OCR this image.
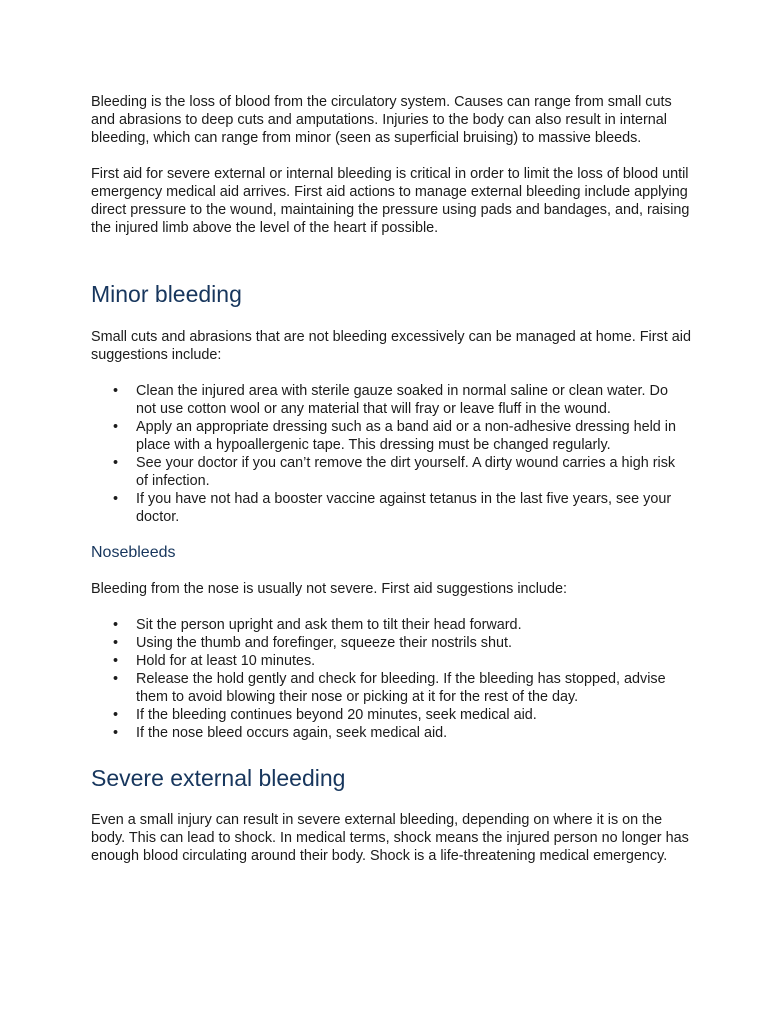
Bleeding is the loss of blood from the circulatory system. Causes can range from small cuts and abrasions to deep cuts and amputations. Injuries to the body can also result in internal bleeding, which can range from minor (seen as superficial bruising) to massive bleeds.

First aid for severe external or internal bleeding is critical in order to limit the loss of blood until emergency medical aid arrives. First aid actions to manage external bleeding include applying direct pressure to the wound, maintaining the pressure using pads and bandages, and, raising the injured limb above the level of the heart if possible.

Minor bleeding

Small cuts and abrasions that are not bleeding excessively can be managed at home. First aid suggestions include:

• Clean the injured area with sterile gauze soaked in normal saline or clean water. Do not use cotton wool or any material that will fray or leave fluff in the wound.
• Apply an appropriate dressing such as a band aid or a non-adhesive dressing held in place with a hypoallergenic tape. This dressing must be changed regularly.
• See your doctor if you can’t remove the dirt yourself. A dirty wound carries a high risk of infection.
• If you have not had a booster vaccine against tetanus in the last five years, see your doctor.
Nosebleeds

Bleeding from the nose is usually not severe. First aid suggestions include:

• Sit the person upright and ask them to tilt their head forward.
• Using the thumb and forefinger, squeeze their nostrils shut.
• Hold for at least 10 minutes.
• Release the hold gently and check for bleeding. If the bleeding has stopped, advise them to avoid blowing their nose or picking at it for the rest of the day.
• If the bleeding continues beyond 20 minutes, seek medical aid.
• If the nose bleed occurs again, seek medical aid.
Severe external bleeding

Even a small injury can result in severe external bleeding, depending on where it is on the body. This can lead to shock. In medical terms, shock means the injured person no longer has enough blood circulating around their body. Shock is a life-threatening medical emergency.
